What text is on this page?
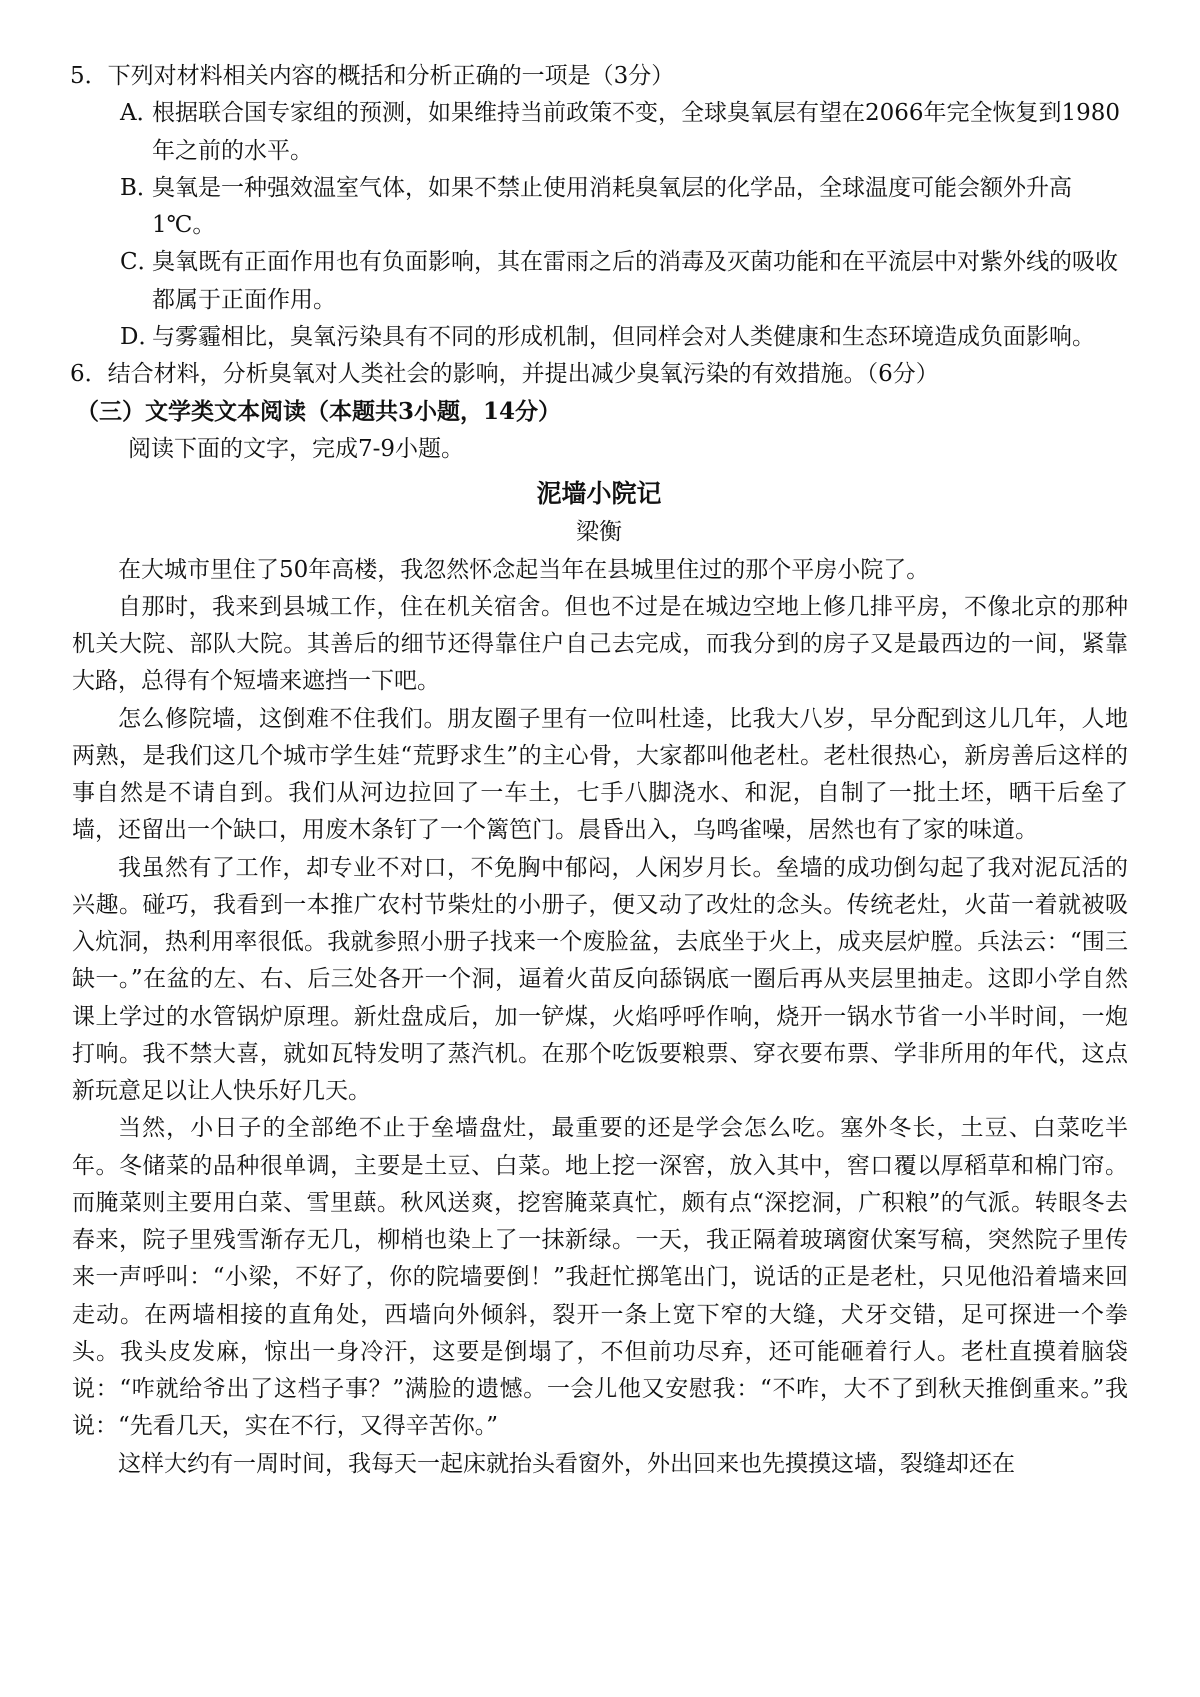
5．下列对材料相关内容的概括和分析正确的一项是（3分）

A．
根据联合国专家组的预测，如果维持当前政策不变，全球臭氧层有望在2066年完全恢复到1980年之前的水平。
B．
臭氧是一种强效温室气体，如果不禁止使用消耗臭氧层的化学品，全球温度可能会额外升高1℃。
C．
臭氧既有正面作用也有负面影响，其在雷雨之后的消毒及灭菌功能和在平流层中对紫外线的吸收都属于正面作用。
D．
与雾霾相比，臭氧污染具有不同的形成机制，但同样会对人类健康和生态环境造成负面影响。

6．结合材料，分析臭氧对人类社会的影响，并提出减少臭氧污染的有效措施。（6分）

（三）文学类文本阅读（本题共3小题，14分）

阅读下面的文字，完成7-9小题。

泥墙小院记

梁衡

在大城市里住了50年高楼，我忽然怀念起当年在县城里住过的那个平房小院了。

自那时，我来到县城工作，住在机关宿舍。但也不过是在城边空地上修几排平房，不像北京的那种机关大院、部队大院。其善后的细节还得靠住户自己去完成，而我分到的房子又是最西边的一间，紧靠大路，总得有个短墙来遮挡一下吧。

怎么修院墙，这倒难不住我们。朋友圈子里有一位叫杜逵，比我大八岁，早分配到这儿几年，人地两熟，是我们这几个城市学生娃“荒野求生”的主心骨，大家都叫他老杜。老杜很热心，新房善后这样的事自然是不请自到。我们从河边拉回了一车土，七手八脚浇水、和泥，自制了一批土坯，晒干后垒了墙，还留出一个缺口，用废木条钉了一个篱笆门。晨昏出入，乌鸣雀噪，居然也有了家的味道。

我虽然有了工作，却专业不对口，不免胸中郁闷，人闲岁月长。垒墙的成功倒勾起了我对泥瓦活的兴趣。碰巧，我看到一本推广农村节柴灶的小册子，便又动了改灶的念头。传统老灶，火苗一着就被吸入炕洞，热利用率很低。我就参照小册子找来一个废脸盆，去底坐于火上，成夹层炉膛。兵法云：“围三缺一。”在盆的左、右、后三处各开一个洞，逼着火苗反向舔锅底一圈后再从夹层里抽走。这即小学自然课上学过的水管锅炉原理。新灶盘成后，加一铲煤，火焰呼呼作响，烧开一锅水节省一小半时间，一炮打响。我不禁大喜，就如瓦特发明了蒸汽机。在那个吃饭要粮票、穿衣要布票、学非所用的年代，这点新玩意足以让人快乐好几天。

当然，小日子的全部绝不止于垒墙盘灶，最重要的还是学会怎么吃。塞外冬长，土豆、白菜吃半年。冬储菜的品种很单调，主要是土豆、白菜。地上挖一深窖，放入其中，窖口覆以厚稻草和棉门帘。而腌菜则主要用白菜、雪里蕻。秋风送爽，挖窖腌菜真忙，颇有点“深挖洞，广积粮”的气派。转眼冬去春来，院子里残雪渐存无几，柳梢也染上了一抹新绿。一天，我正隔着玻璃窗伏案写稿，突然院子里传来一声呼叫：“小梁，不好了，你的院墙要倒！”我赶忙掷笔出门，说话的正是老杜，只见他沿着墙来回走动。在两墙相接的直角处，西墙向外倾斜，裂开一条上宽下窄的大缝，犬牙交错，足可探进一个拳头。我头皮发麻，惊出一身冷汗，这要是倒塌了，不但前功尽弃，还可能砸着行人。老杜直摸着脑袋说：“咋就给爷出了这档子事？”满脸的遗憾。一会儿他又安慰我：“不咋，大不了到秋天推倒重来。”我说：“先看几天，实在不行，又得辛苦你。”

这样大约有一周时间，我每天一起床就抬头看窗外，外出回来也先摸摸这墙，裂缝却还在
